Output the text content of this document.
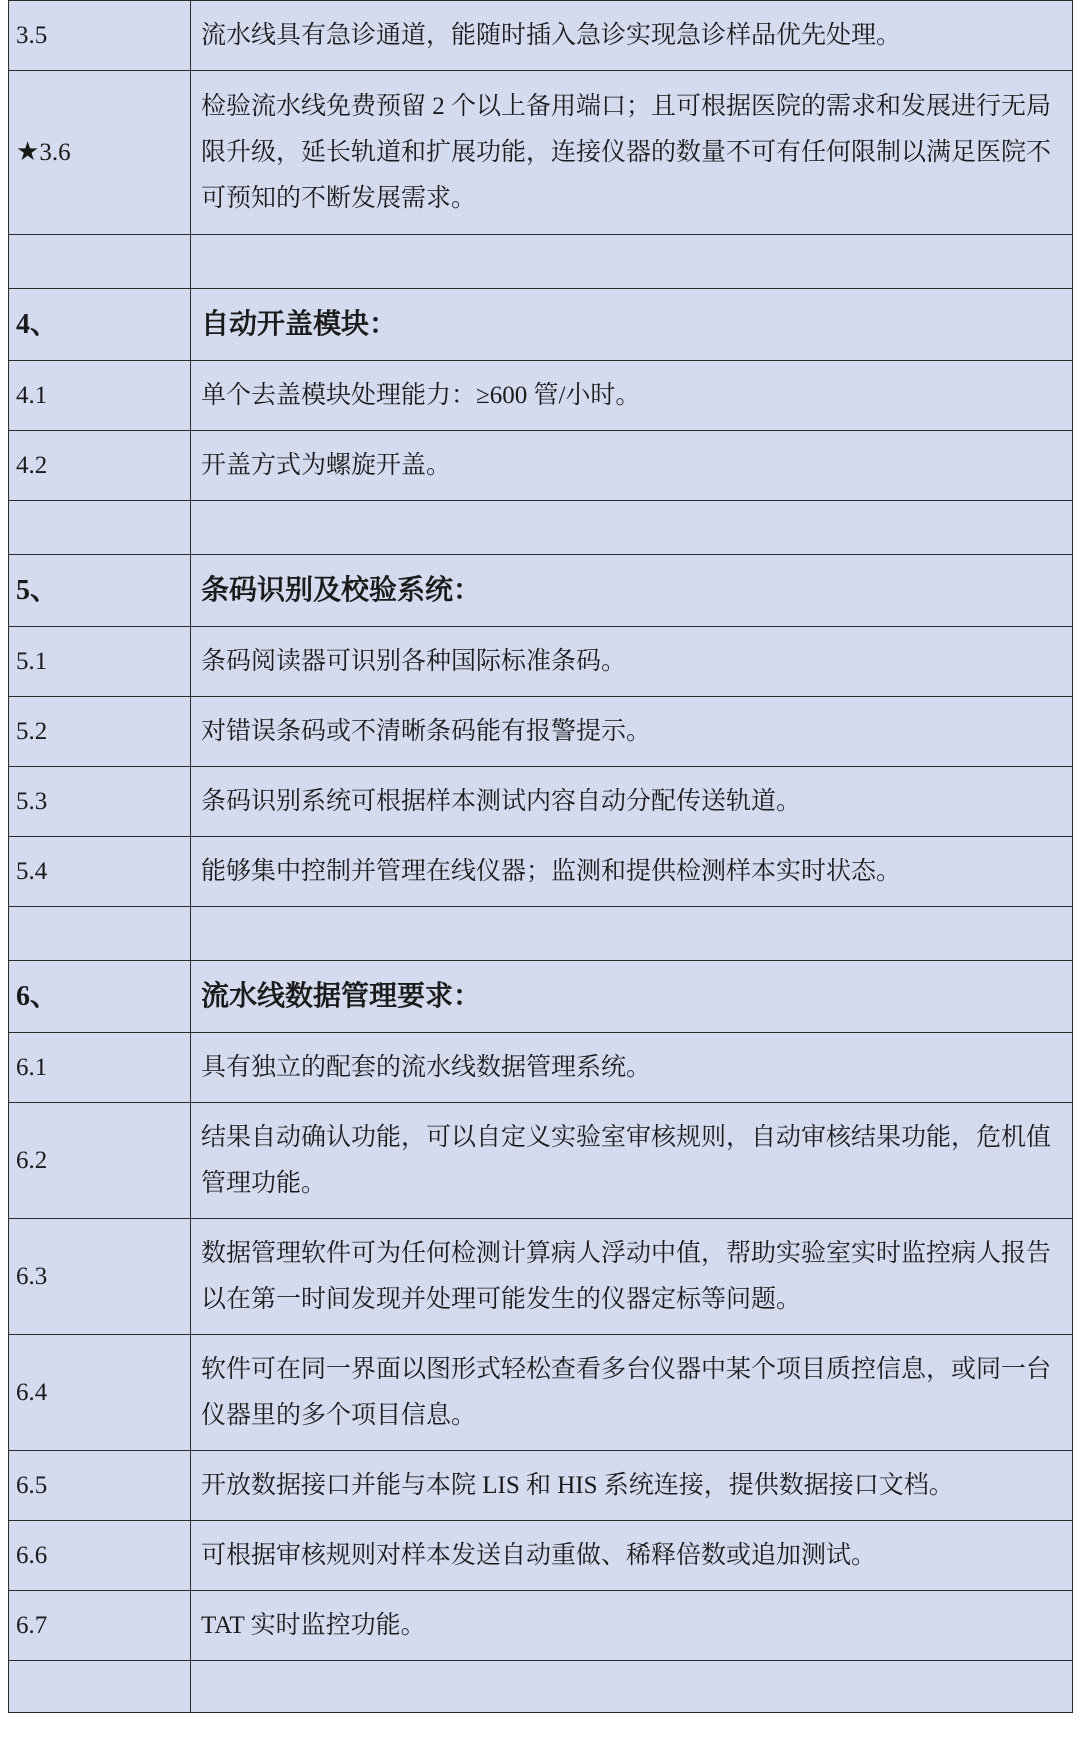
3.5	流水线具有急诊通道，能随时插入急诊实现急诊样品优先处理。
★3.6	检验流水线免费预留 2 个以上备用端口；且可根据医院的需求和发展进行无局限升级，延长轨道和扩展功能，连接仪器的数量不可有任何限制以满足医院不可预知的不断发展需求。

4、	自动开盖模块：
4.1	单个去盖模块处理能力：≥600 管/小时。
4.2	开盖方式为螺旋开盖。

5、	条码识别及校验系统：
5.1	条码阅读器可识别各种国际标准条码。
5.2	对错误条码或不清晰条码能有报警提示。
5.3	条码识别系统可根据样本测试内容自动分配传送轨道。
5.4	能够集中控制并管理在线仪器；监测和提供检测样本实时状态。

6、	流水线数据管理要求：
6.1	具有独立的配套的流水线数据管理系统。
6.2	结果自动确认功能，可以自定义实验室审核规则，自动审核结果功能，危机值管理功能。
6.3	数据管理软件可为任何检测计算病人浮动中值，帮助实验室实时监控病人报告以在第一时间发现并处理可能发生的仪器定标等问题。
6.4	软件可在同一界面以图形式轻松查看多台仪器中某个项目质控信息，或同一台仪器里的多个项目信息。
6.5	开放数据接口并能与本院 LIS 和 HIS 系统连接，提供数据接口文档。
6.6	可根据审核规则对样本发送自动重做、稀释倍数或追加测试。
6.7	TAT 实时监控功能。
